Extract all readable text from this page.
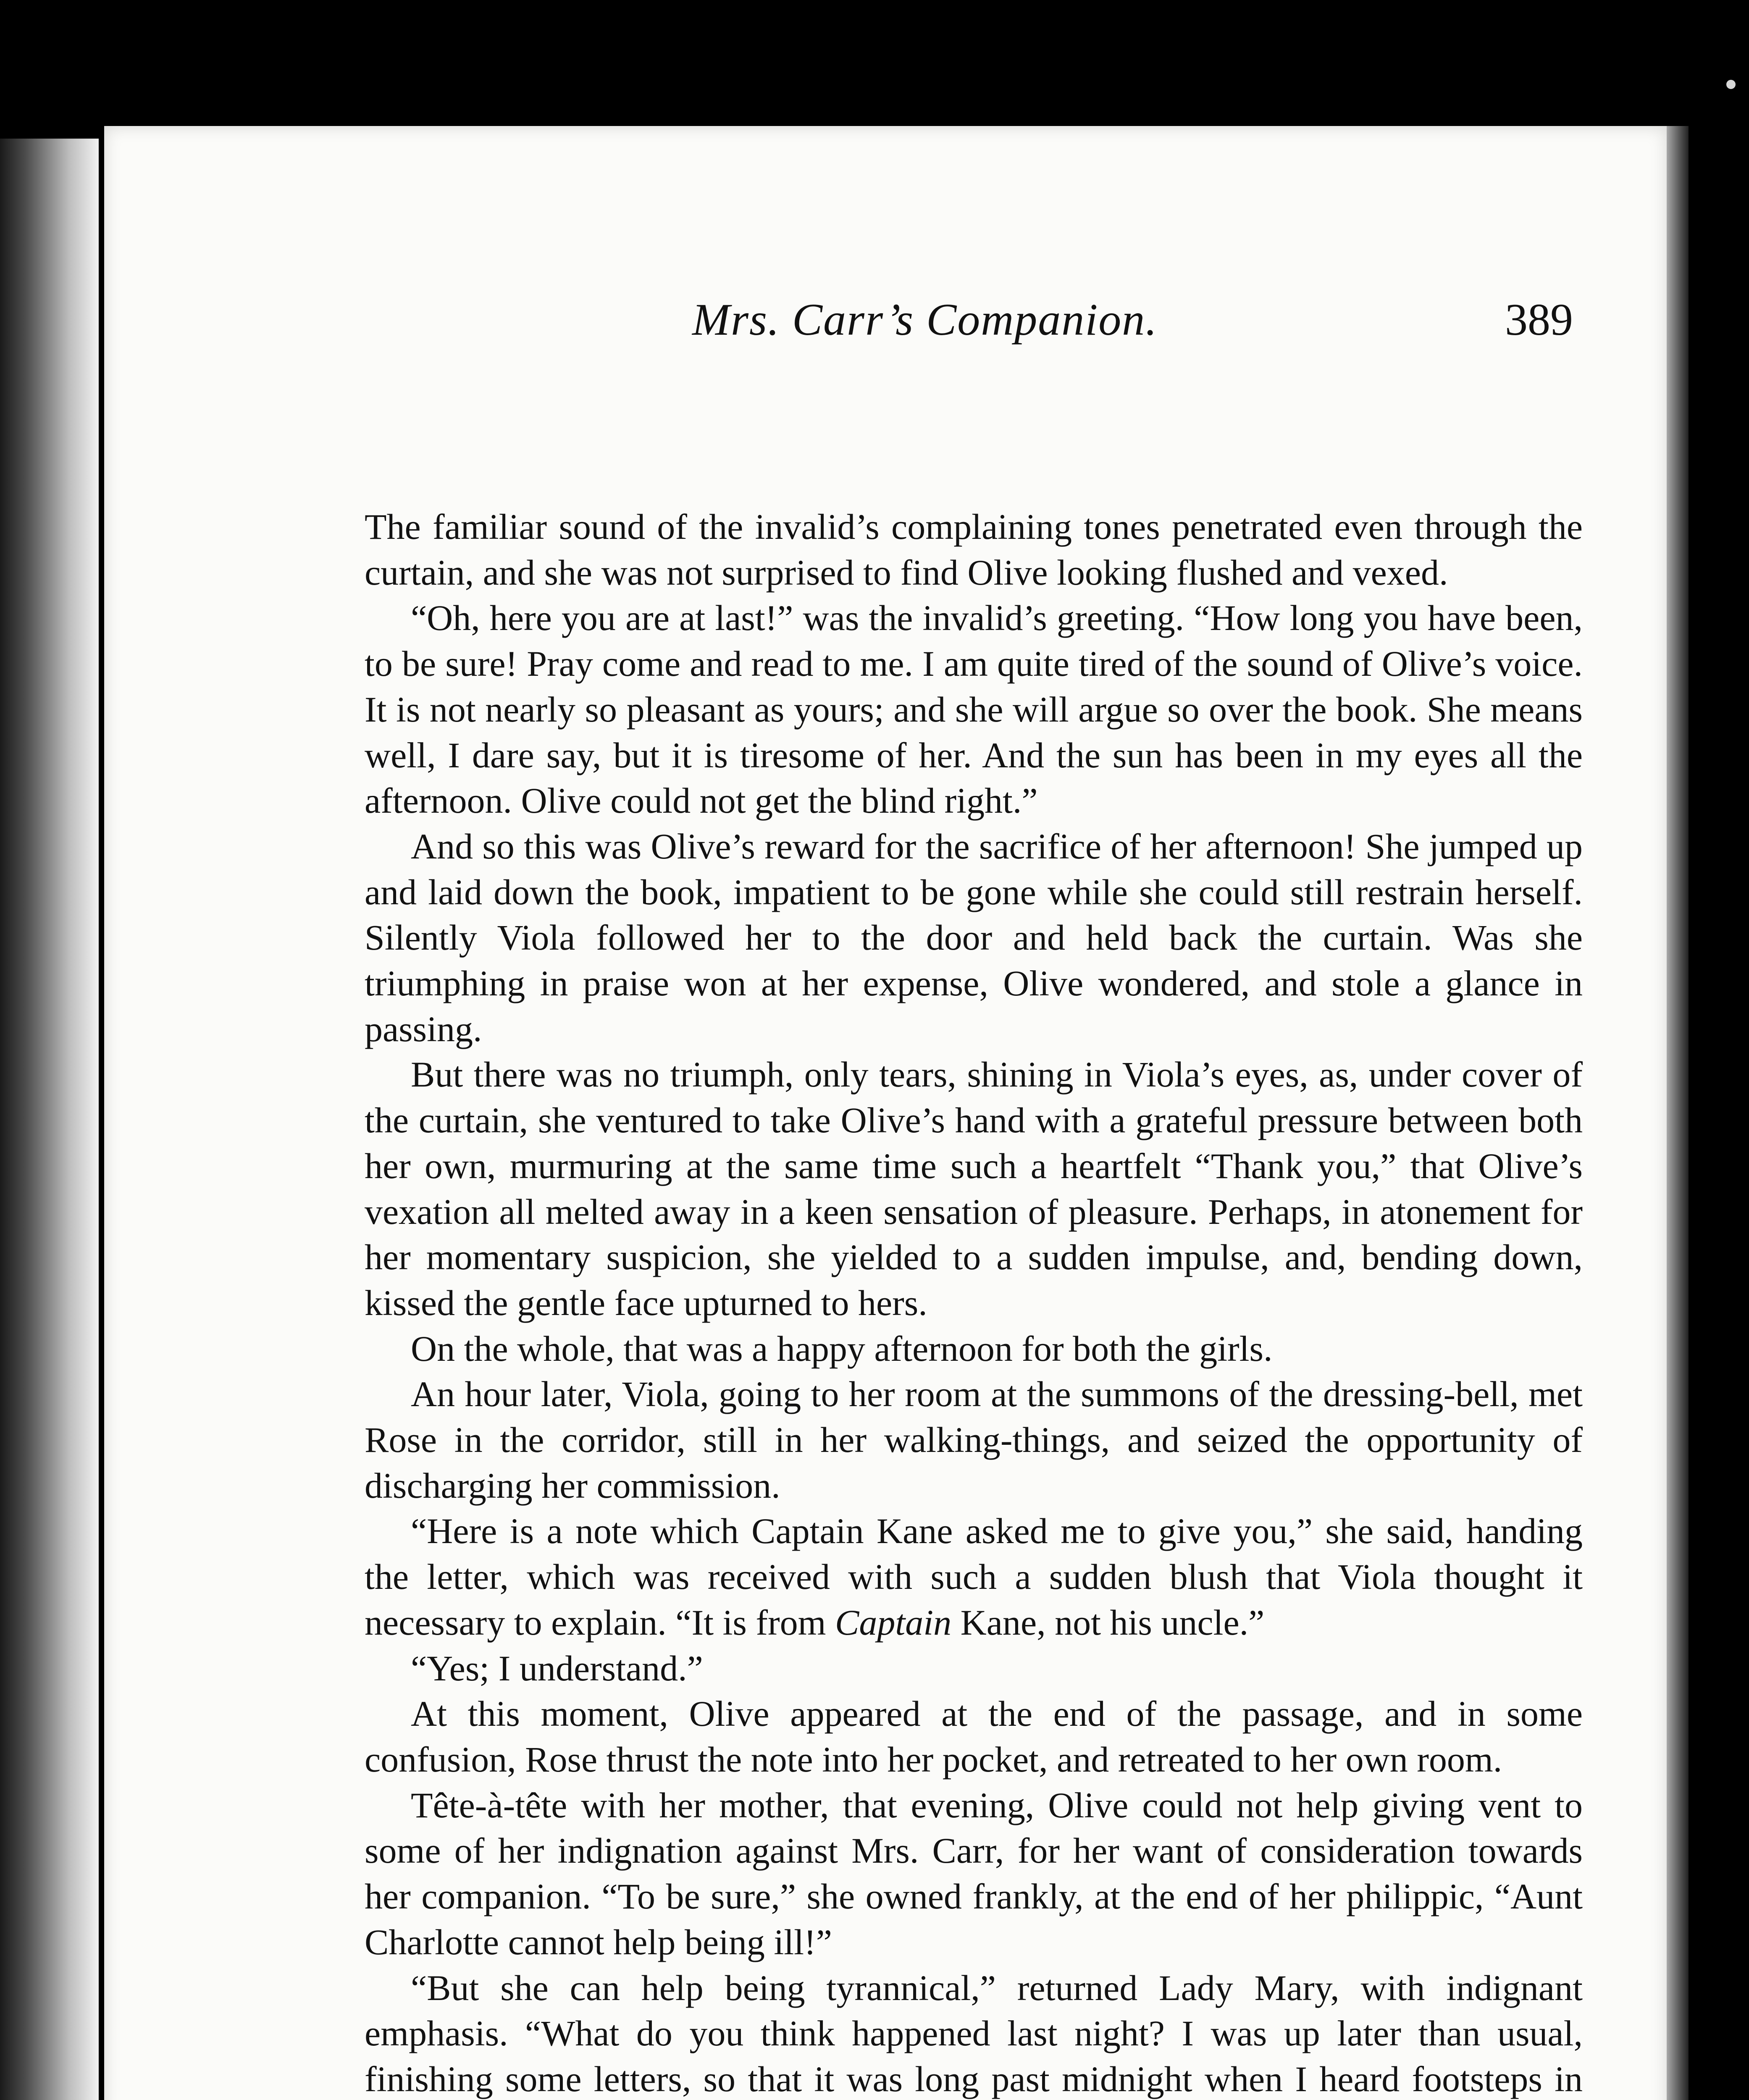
Mrs. Carr’s Companion.	389

The familiar sound of the invalid’s complaining tones penetrated even through the curtain, and she was not surprised to find Olive looking flushed and vexed.

“Oh, here you are at last!” was the invalid’s greeting. “How long you have been, to be sure! Pray come and read to me. I am quite tired of the sound of Olive’s voice. It is not nearly so pleasant as yours; and she will argue so over the book. She means well, I dare say, but it is tiresome of her. And the sun has been in my eyes all the afternoon. Olive could not get the blind right.”

And so this was Olive’s reward for the sacrifice of her afternoon! She jumped up and laid down the book, impatient to be gone while she could still restrain herself. Silently Viola followed her to the door and held back the curtain. Was she triumphing in praise won at her expense, Olive wondered, and stole a glance in passing.

But there was no triumph, only tears, shining in Viola’s eyes, as, under cover of the curtain, she ventured to take Olive’s hand with a grateful pressure between both her own, murmuring at the same time such a heartfelt “Thank you,” that Olive’s vexation all melted away in a keen sensation of pleasure. Perhaps, in atonement for her momentary suspicion, she yielded to a sudden impulse, and, bending down, kissed the gentle face upturned to hers.

On the whole, that was a happy afternoon for both the girls.

An hour later, Viola, going to her room at the summons of the dressing-bell, met Rose in the corridor, still in her walking-things, and seized the opportunity of discharging her commission.

“Here is a note which Captain Kane asked me to give you,” she said, handing the letter, which was received with such a sudden blush that Viola thought it necessary to explain. “It is from Captain Kane, not his uncle.”

“Yes; I understand.”

At this moment, Olive appeared at the end of the passage, and in some confusion, Rose thrust the note into her pocket, and retreated to her own room.

Tête-à-tête with her mother, that evening, Olive could not help giving vent to some of her indignation against Mrs. Carr, for her want of consideration towards her companion. “To be sure,” she owned frankly, at the end of her philippic, “Aunt Charlotte cannot help being ill!”

“But she can help being tyrannical,” returned Lady Mary, with indignant emphasis. “What do you think happened last night? I was up later than usual, finishing some letters, so that it was long past midnight when I heard footsteps in
